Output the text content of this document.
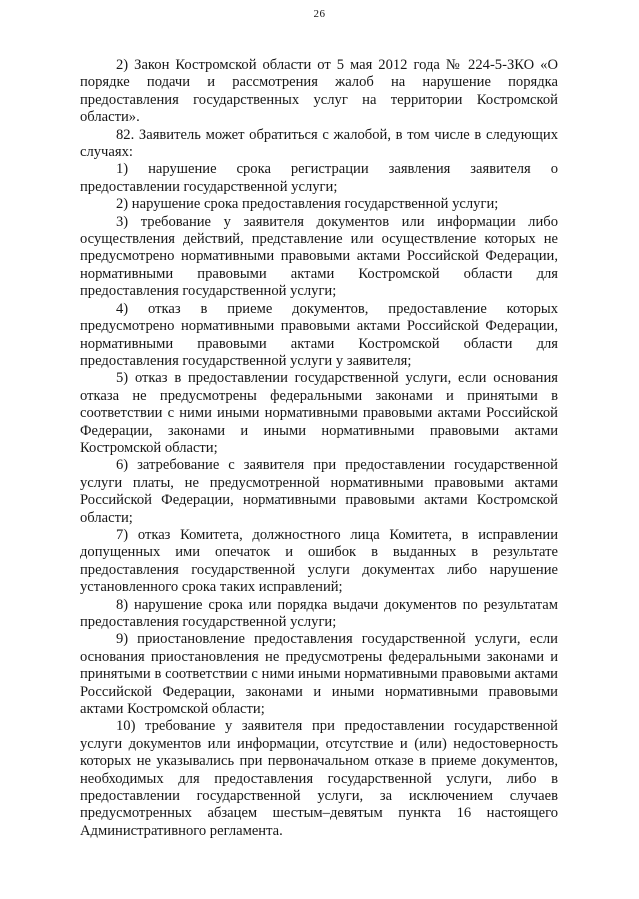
26

2) Закон Костромской области от 5 мая 2012 года № 224-5-ЗКО «О порядке подачи и рассмотрения жалоб на нарушение порядка предоставления государственных услуг на территории Костромской области».

82. Заявитель может обратиться с жалобой, в том числе в следующих случаях:

1) нарушение срока регистрации заявления заявителя о предоставлении государственной услуги;

2) нарушение срока предоставления государственной услуги;

3) требование у заявителя документов или информации либо осуществления действий, представление или осуществление которых не предусмотрено нормативными правовыми актами Российской Федерации, нормативными правовыми актами Костромской области для предоставления государственной услуги;

4) отказ в приеме документов, предоставление которых предусмотрено нормативными правовыми актами Российской Федерации, нормативными правовыми актами Костромской области для предоставления государственной услуги у заявителя;

5) отказ в предоставлении государственной услуги, если основания отказа не предусмотрены федеральными законами и принятыми в соответствии с ними иными нормативными правовыми актами Российской Федерации, законами и иными нормативными правовыми актами Костромской области;

6) затребование с заявителя при предоставлении государственной услуги платы, не предусмотренной нормативными правовыми актами Российской Федерации, нормативными правовыми актами Костромской области;

7) отказ Комитета, должностного лица Комитета, в исправлении допущенных ими опечаток и ошибок в выданных в результате предоставления государственной услуги документах либо нарушение установленного срока таких исправлений;

8) нарушение срока или порядка выдачи документов по результатам предоставления государственной услуги;

9) приостановление предоставления государственной услуги, если основания приостановления не предусмотрены федеральными законами и принятыми в соответствии с ними иными нормативными правовыми актами Российской Федерации, законами и иными нормативными правовыми актами Костромской области;

10) требование у заявителя при предоставлении государственной услуги документов или информации, отсутствие и (или) недостоверность которых не указывались при первоначальном отказе в приеме документов, необходимых для предоставления государственной услуги, либо в предоставлении государственной услуги, за исключением случаев предусмотренных абзацем шестым–девятым пункта 16 настоящего Административного регламента.
